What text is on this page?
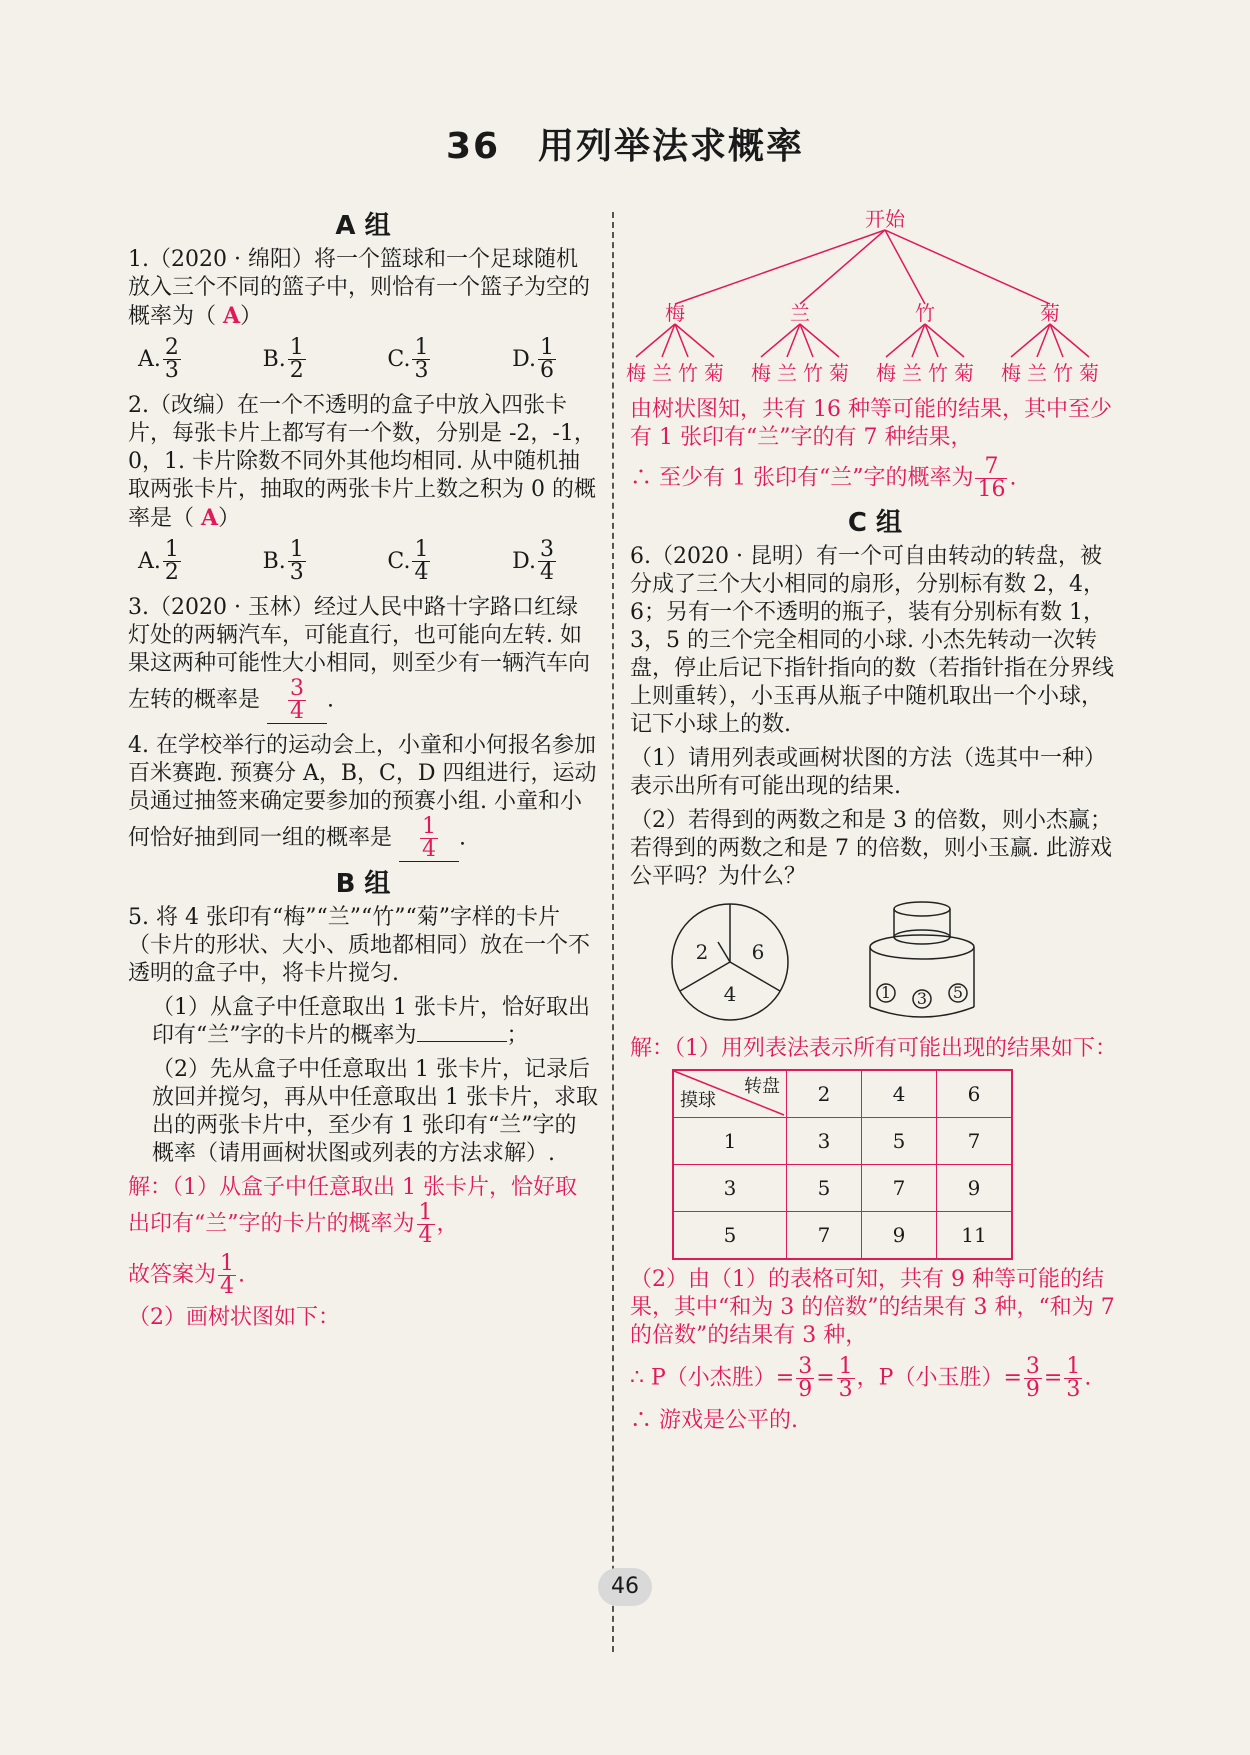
36　用列举法求概率
A 组

1.（2020 · 绵阳）将一个篮球和一个足球随机放入三个不同的篮子中，则恰有一个篮子为空的概率为（ A）

A. $\frac{2}{3}$	B. $\frac{1}{2}$	C. $\frac{1}{3}$	D. $\frac{1}{6}$

2.（改编）在一个不透明的盒子中放入四张卡片，每张卡片上都写有一个数，分别是 -2，-1，0，1. 卡片除数不同外其他均相同. 从中随机抽取两张卡片，抽取的两张卡片上数之积为 0 的概率是（ A）

A. $\frac{1}{2}$	B. $\frac{1}{3}$	C. $\frac{1}{4}$	D. $\frac{3}{4}$

3.（2020 · 玉林）经过人民中路十字路口红绿灯处的两辆汽车，可能直行，也可能向左转. 如果这两种可能性大小相同，则至少有一辆汽车向左转的概率是 $\frac{3}{4}$ .

4. 在学校举行的运动会上，小童和小何报名参加百米赛跑. 预赛分 A，B，C，D 四组进行，运动员通过抽签来确定要参加的预赛小组. 小童和小何恰好抽到同一组的概率是 $\frac{1}{4}$ .

B 组

5. 将 4 张印有“梅”“兰”“竹”“菊”字样的卡片（卡片的形状、大小、质地都相同）放在一个不透明的盒子中，将卡片搅匀.

（1）从盒子中任意取出 1 张卡片，恰好取出印有“兰”字的卡片的概率为	；

（2）先从盒子中任意取出 1 张卡片，记录后放回并搅匀，再从中任意取出 1 张卡片，求取出的两张卡片中，至少有 1 张印有“兰”字的概率（请用画树状图或列表的方法求解）.

解：（1）从盒子中任意取出 1 张卡片，恰好取出印有“兰”字的卡片的概率为 $\frac{1}{4}$ ，

故答案为 $\frac{1}{4}$ .

（2）画树状图如下：

开始
梅	兰	竹	菊
梅 兰 竹 菊 梅 兰 竹 菊 梅 兰 竹 菊 梅 兰 竹 菊

由树状图知，共有 16 种等可能的结果，其中至少有 1 张印有“兰”字的有 7 种结果，

∴ 至少有 1 张印有“兰”字的概率为 $\frac{7}{16}$ .

C 组

6.（2020 · 昆明）有一个可自由转动的转盘，被分成了三个大小相同的扇形，分别标有数 2，4，6；另有一个不透明的瓶子，装有分别标有数 1，3，5 的三个完全相同的小球. 小杰先转动一次转盘，停止后记下指针指向的数（若指针指在分界线上则重转），小玉再从瓶子中随机取出一个小球，记下小球上的数.

（1）请用列表或画树状图的方法（选其中一种）表示出所有可能出现的结果.

（2）若得到的两数之和是 3 的倍数，则小杰赢；若得到的两数之和是 7 的倍数，则小玉赢. 此游戏公平吗？为什么？

2 6
4	1 3 5

解：（1）用列表法表示所有可能出现的结果如下：

转盘
摸球	2	4	6
1	3	5	7
3	5	7	9
5	7	9	11

（2）由（1）的表格可知，共有 9 种等可能的结果，其中“和为 3 的倍数”的结果有 3 种，“和为 7 的倍数”的结果有 3 种，

∴ P（小杰胜）= $\frac{3}{9} = \frac{1}{3}$ ，P（小玉胜）= $\frac{3}{9} = \frac{1}{3}$ .

∴ 游戏是公平的.

46
